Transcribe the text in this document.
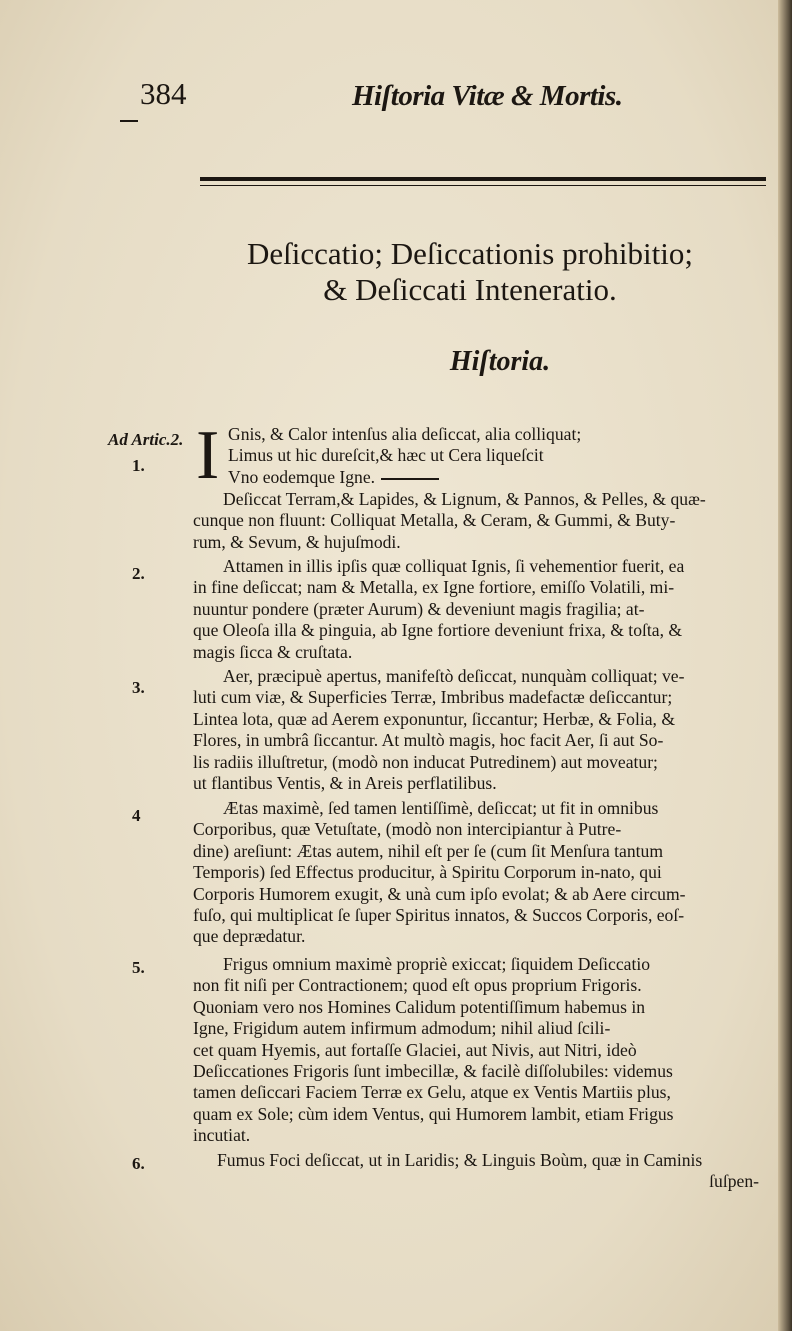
384	Hiſtoria Vitæ & Mortis.
Deſiccatio; Deſiccationis prohibitio;
& Deſiccati Inteneratio.
Hiſtoria.
Ad Artic.2.
1.
2.
3.
4
5.
6.
I Gnis, & Calor intenſus alia deſiccat, alia colliquat;
Limus ut hic dureſcit,& hæc ut Cera liqueſcit
Vno eodemque Igne.
Deſiccat Terram,& Lapides, & Lignum, & Pannos, & Pelles, & quæ-
cunque non fluunt: Colliquat Metalla, & Ceram, & Gummi, & Buty-
rum, & Sevum, & hujuſmodi.
Attamen in illis ipſis quæ colliquat Ignis, ſi vehementior fuerit, ea
in fine deſiccat; nam & Metalla, ex Igne fortiore, emiſſo Volatili, mi-
nuuntur pondere (præter Aurum) & deveniunt magis fragilia; at-
que Oleoſa illa & pinguia, ab Igne fortiore deveniunt frixa, & toſta, &
magis ſicca & cruſtata.
Aer, præcipuè apertus, manifeſtò deſiccat, nunquàm colliquat; ve-
luti cum viæ, & Superficies Terræ, Imbribus madefactæ deſiccantur;
Lintea lota, quæ ad Aerem exponuntur, ſiccantur; Herbæ, & Folia, &
Flores, in umbrâ ſiccantur. At multò magis, hoc facit Aer, ſi aut So-
lis radiis illuſtretur, (modò non inducat Putredinem) aut moveatur;
ut flantibus Ventis, & in Areis perflatilibus.
Ætas maximè, ſed tamen lentiſſimè, deſiccat; ut fit in omnibus
Corporibus, quæ Vetuſtate, (modò non intercipiantur à Putre-
dine) areſiunt: Ætas autem, nihil eſt per ſe (cum ſit Menſura tantum
Temporis) ſed Effectus producitur, à Spiritu Corporum in-nato, qui
Corporis Humorem exugit, & unà cum ipſo evolat; & ab Aere circum-
fuſo, qui multiplicat ſe ſuper Spiritus innatos, & Succos Corporis, eoſ-
que deprædatur.
Frigus omnium maximè propriè exiccat; ſiquidem Deſiccatio
non fit niſi per Contractionem; quod eſt opus proprium Frigoris.
Quoniam vero nos Homines Calidum potentiſſimum habemus in
Igne, Frigidum autem infirmum admodum; nihil aliud ſcili-
cet quam Hyemis, aut fortaſſe Glaciei, aut Nivis, aut Nitri, ideò
Deſiccationes Frigoris ſunt imbecillæ, & facilè diſſolubiles: videmus
tamen deſiccari Faciem Terræ ex Gelu, atque ex Ventis Martiis plus,
quam ex Sole; cùm idem Ventus, qui Humorem lambit, etiam Frigus
incutiat.
Fumus Foci deſiccat, ut in Laridis; & Linguis Boùm, quæ in Caminis
ſuſpen-
